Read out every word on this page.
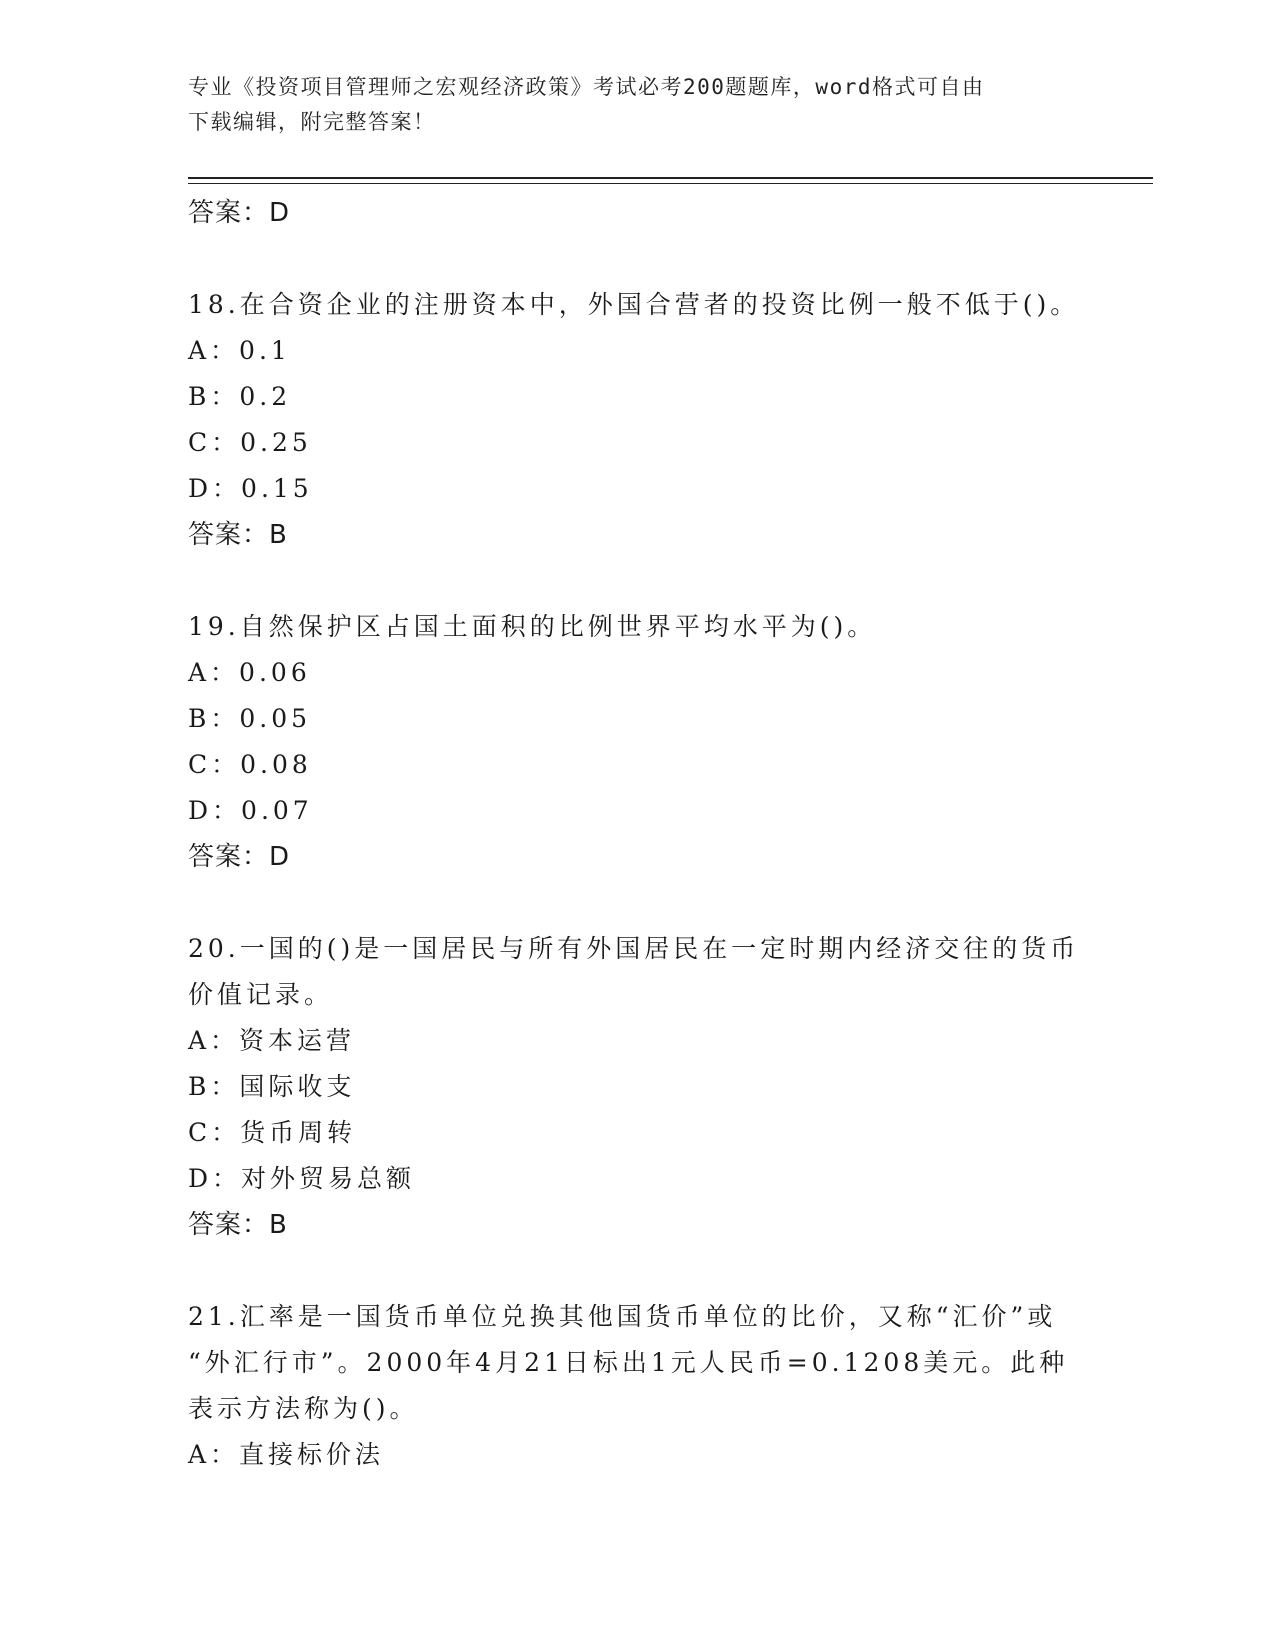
专业《投资项目管理师之宏观经济政策》考试必考200题题库，word格式可自由
下载编辑，附完整答案！
答案：D
18.在合资企业的注册资本中，外国合营者的投资比例一般不低于()。
A：0.1
B：0.2
C：0.25
D：0.15
答案：B
19.自然保护区占国土面积的比例世界平均水平为()。
A：0.06
B：0.05
C：0.08
D：0.07
答案：D
20.一国的()是一国居民与所有外国居民在一定时期内经济交往的货币
价值记录。
A：资本运营
B：国际收支
C：货币周转
D：对外贸易总额
答案：B
21.汇率是一国货币单位兑换其他国货币单位的比价，又称“汇价”或
“外汇行市”。2000年4月21日标出1元人民币=0.1208美元。此种
表示方法称为()。
A：直接标价法
